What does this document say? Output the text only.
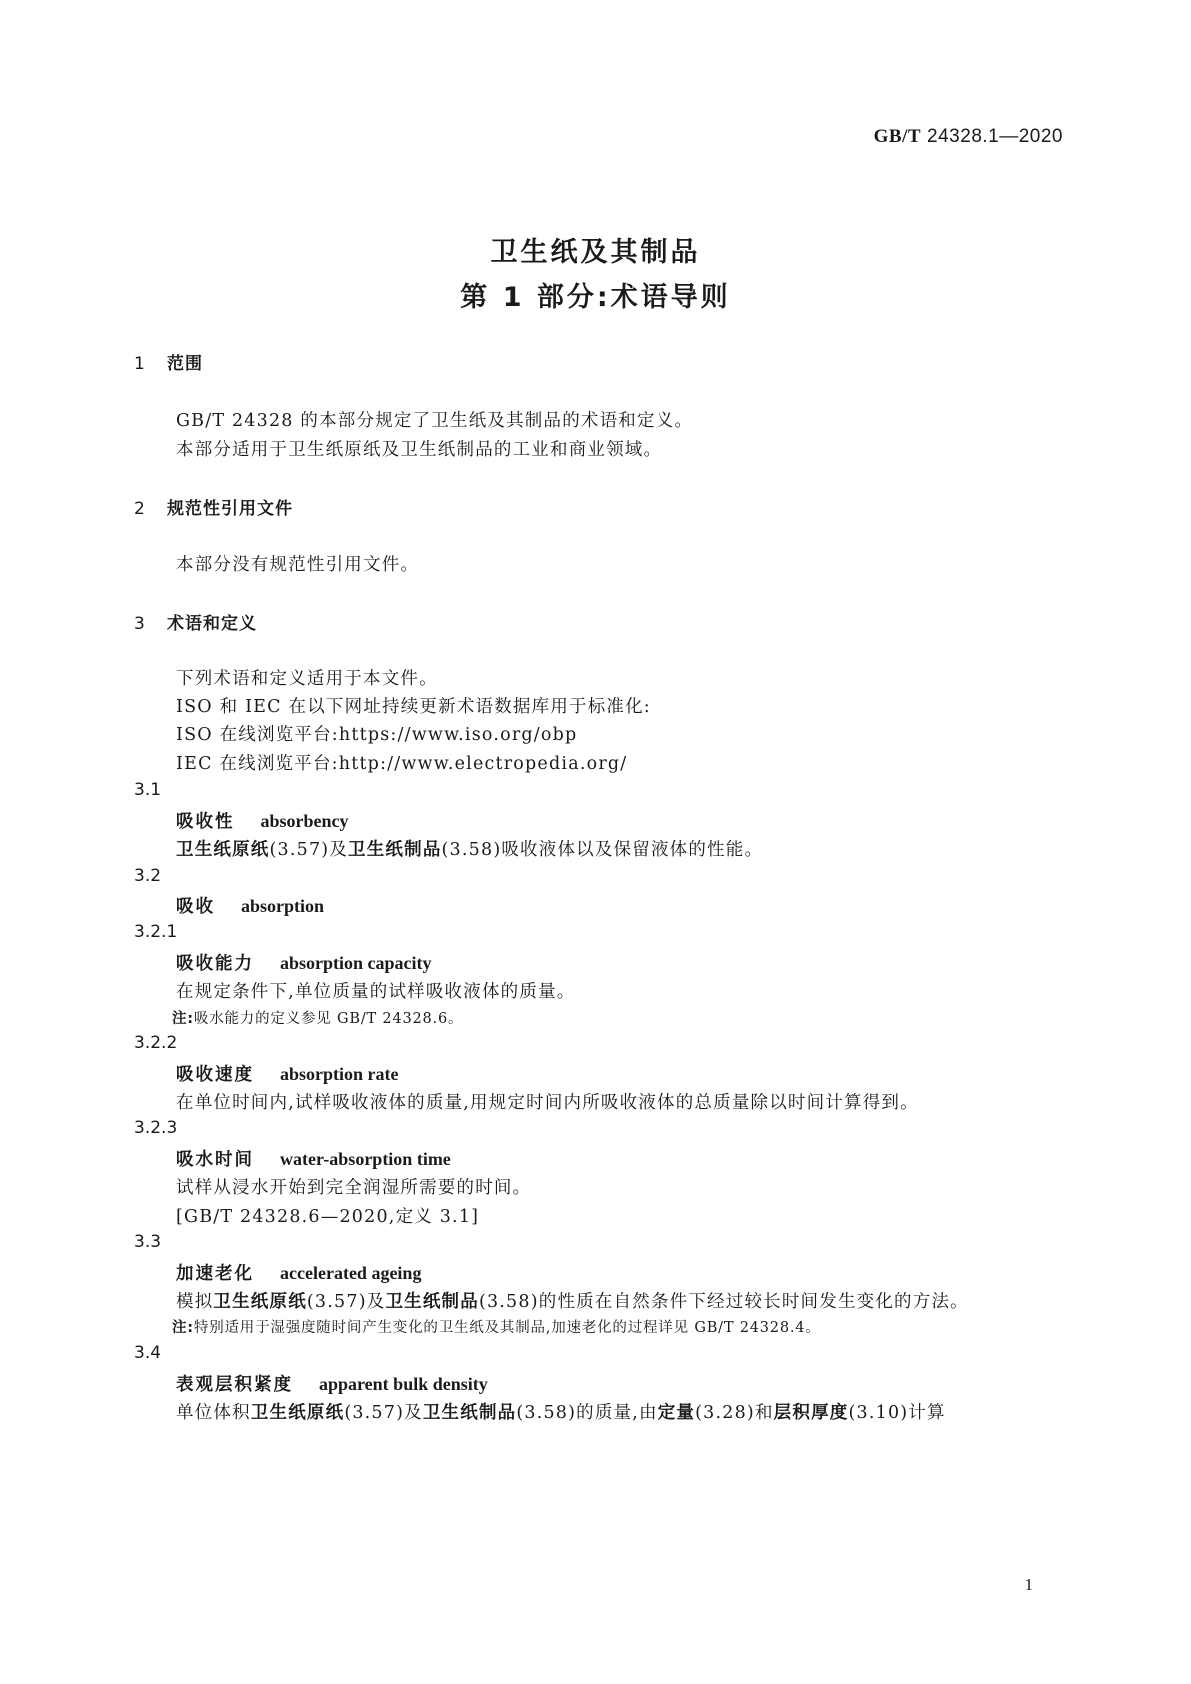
GB/T 24328.1—2020
卫生纸及其制品
第 1 部分:术语导则
1 范围
GB/T 24328 的本部分规定了卫生纸及其制品的术语和定义。
本部分适用于卫生纸原纸及卫生纸制品的工业和商业领域。
2 规范性引用文件
本部分没有规范性引用文件。
3 术语和定义
下列术语和定义适用于本文件。
ISO 和 IEC 在以下网址持续更新术语数据库用于标准化:
ISO 在线浏览平台:https://www.iso.org/obp
IEC 在线浏览平台:http://www.electropedia.org/
3.1
吸收性 absorbency
卫生纸原纸(3.57)及卫生纸制品(3.58)吸收液体以及保留液体的性能。
3.2
吸收 absorption
3.2.1
吸收能力 absorption capacity
在规定条件下,单位质量的试样吸收液体的质量。
注:吸水能力的定义参见 GB/T 24328.6。
3.2.2
吸收速度 absorption rate
在单位时间内,试样吸收液体的质量,用规定时间内所吸收液体的总质量除以时间计算得到。
3.2.3
吸水时间 water-absorption time
试样从浸水开始到完全润湿所需要的时间。
[GB/T 24328.6—2020,定义 3.1]
3.3
加速老化 accelerated ageing
模拟卫生纸原纸(3.57)及卫生纸制品(3.58)的性质在自然条件下经过较长时间发生变化的方法。
注:特别适用于湿强度随时间产生变化的卫生纸及其制品,加速老化的过程详见 GB/T 24328.4。
3.4
表观层积紧度 apparent bulk density
单位体积卫生纸原纸(3.57)及卫生纸制品(3.58)的质量,由定量(3.28)和层积厚度(3.10)计算
1
